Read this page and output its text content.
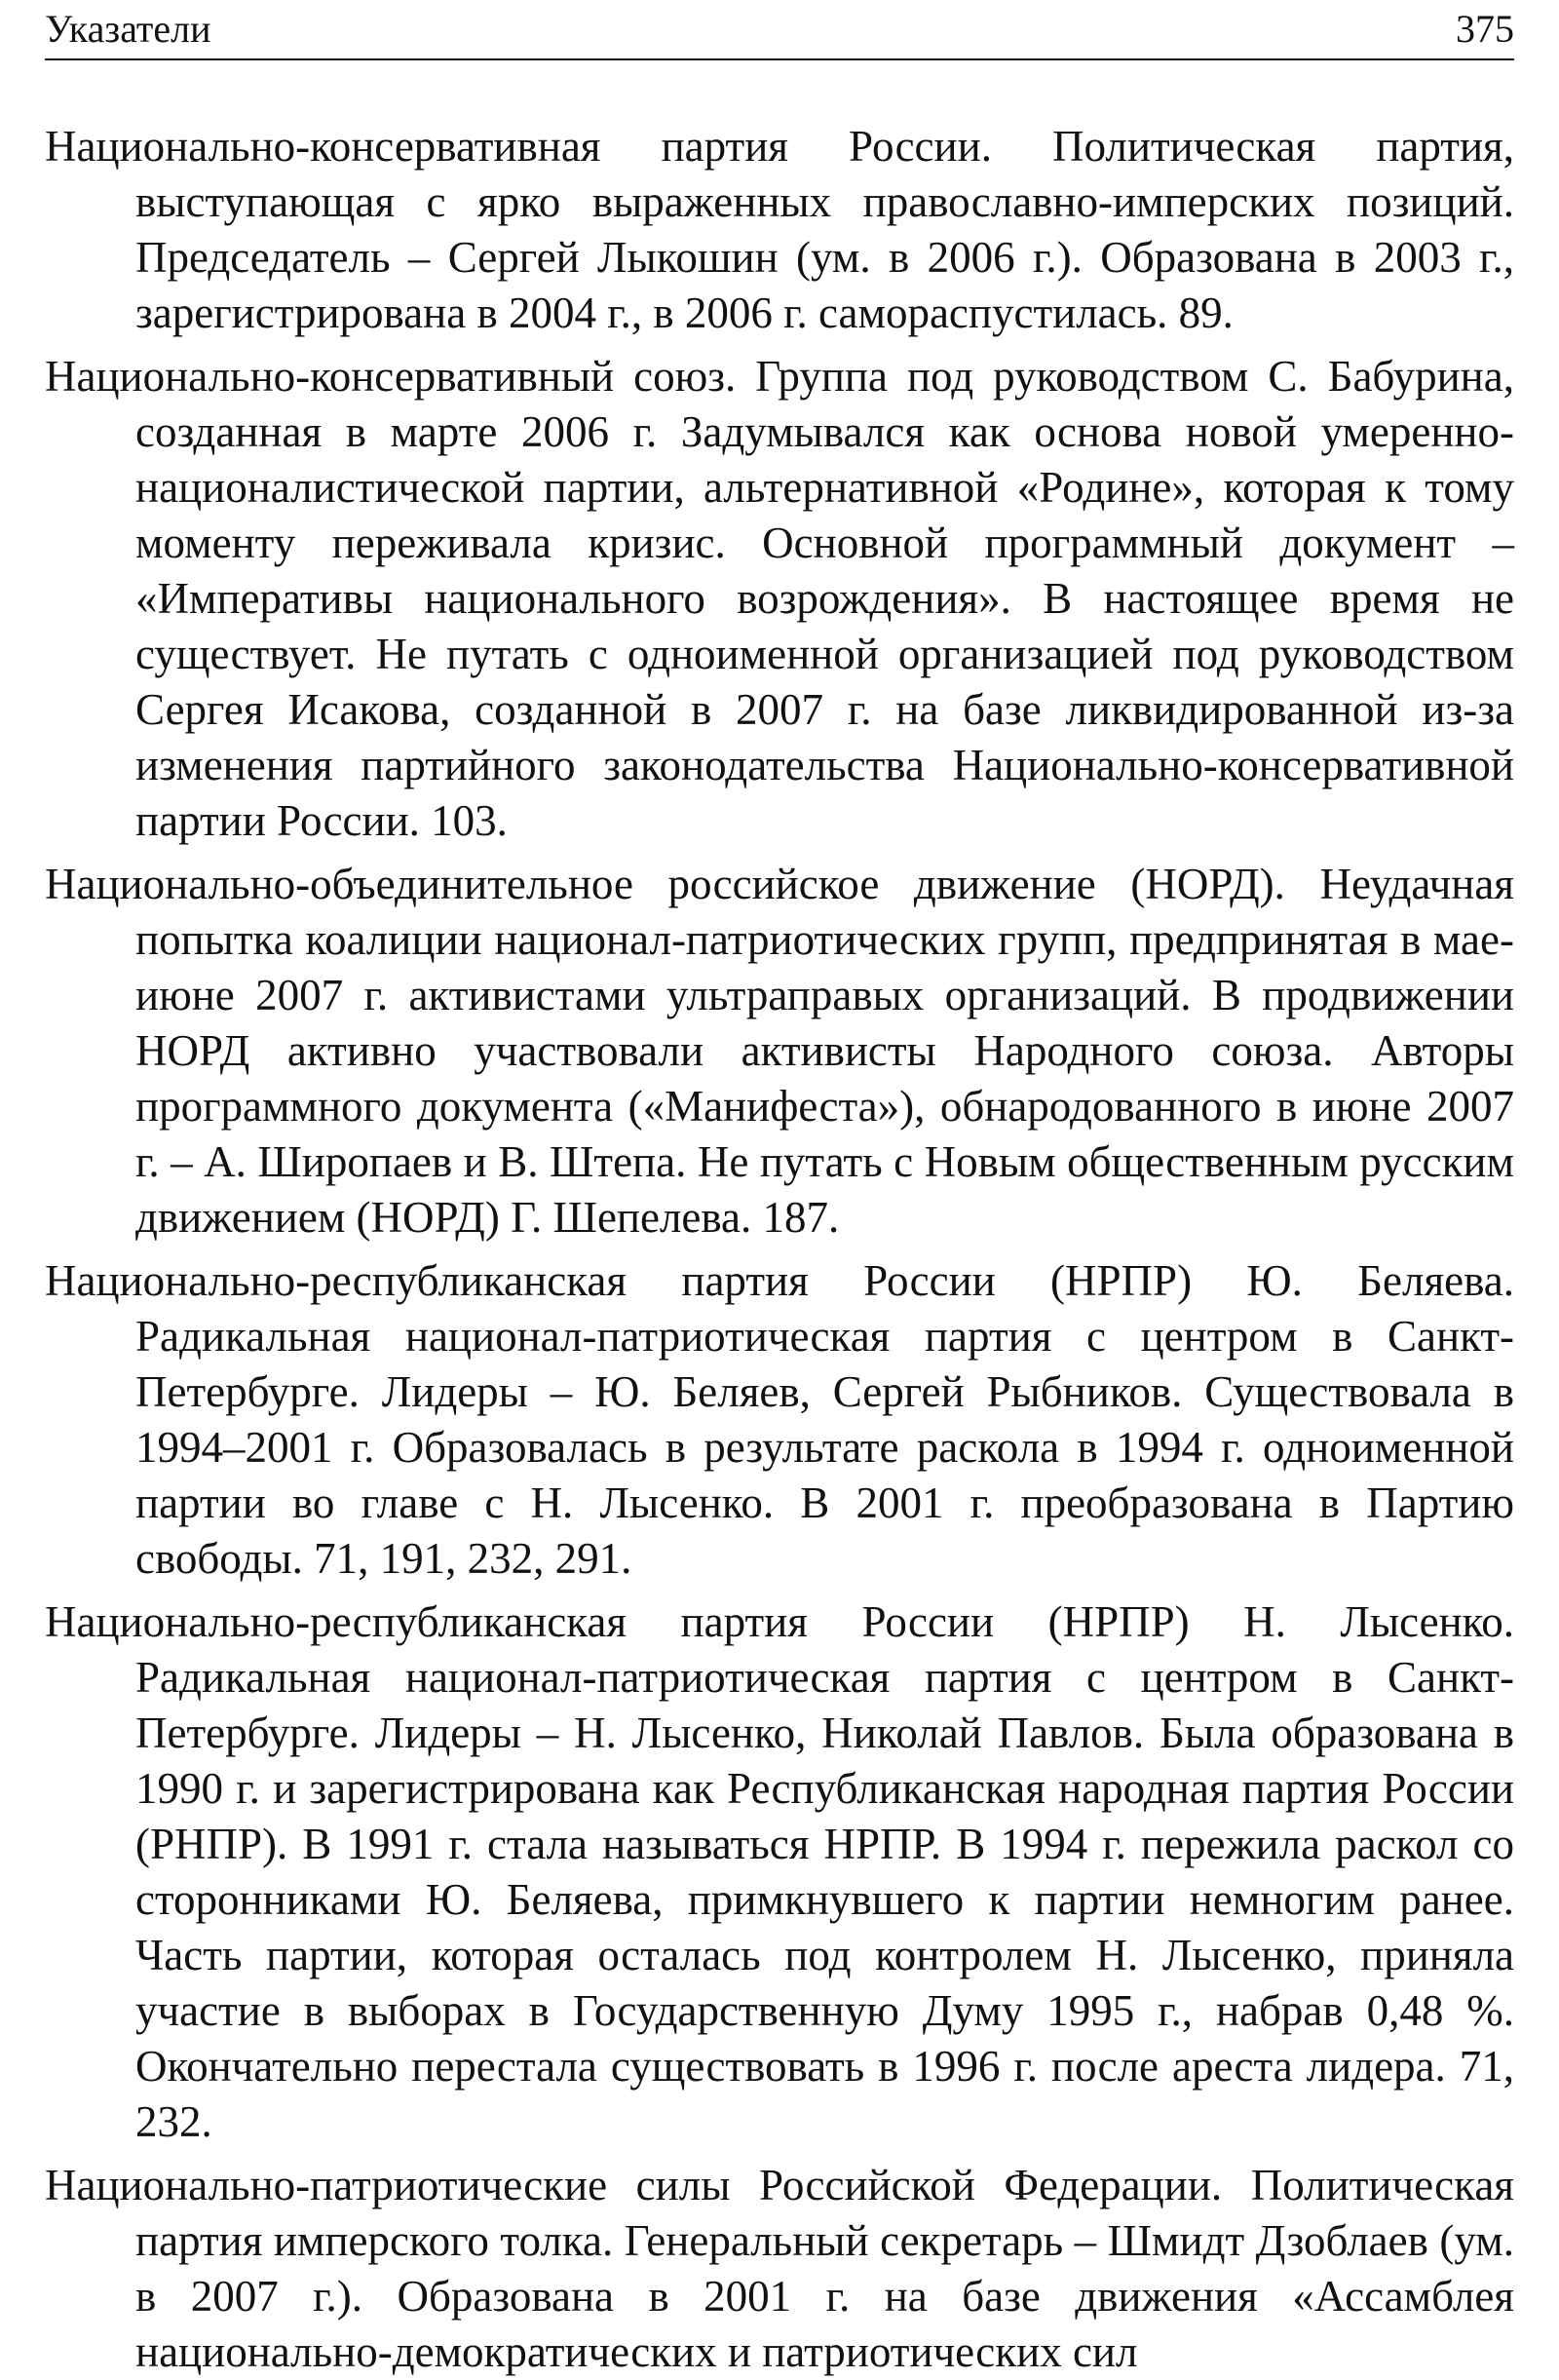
Указатели	375

Национально-консервативная партия России. Политическая партия, выступающая с ярко выраженных православно-имперских позиций. Председатель – Сергей Лыкошин (ум. в 2006 г.). Образована в 2003 г., зарегистрирована в 2004 г., в 2006 г. самораспустилась. 89.

Национально-консервативный союз. Группа под руководством С. Бабурина, созданная в марте 2006 г. Задумывался как основа новой умеренно-националистической партии, альтернативной «Родине», которая к тому моменту переживала кризис. Основной программный документ – «Императивы национального возрождения». В настоящее время не существует. Не путать с одноименной организацией под руководством Сергея Исакова, созданной в 2007 г. на базе ликвидированной из-за изменения партийного законодательства Национально-консервативной партии России. 103.

Национально-объединительное российское движение (НОРД). Неудачная попытка коалиции национал-патриотических групп, предпринятая в мае-июне 2007 г. активистами ультраправых организаций. В продвижении НОРД активно участвовали активисты Народного союза. Авторы программного документа («Манифеста»), обнародованного в июне 2007 г. – А. Широпаев и В. Штепа. Не путать с Новым общественным русским движением (НОРД) Г. Шепелева. 187.

Национально-республиканская партия России (НРПР) Ю. Беляева. Радикальная национал-патриотическая партия с центром в Санкт-Петербурге. Лидеры – Ю. Беляев, Сергей Рыбников. Существовала в 1994–2001 г. Образовалась в результате раскола в 1994 г. одноименной партии во главе с Н. Лысенко. В 2001 г. преобразована в Партию свободы. 71, 191, 232, 291.

Национально-республиканская партия России (НРПР) Н. Лысенко. Радикальная национал-патриотическая партия с центром в Санкт-Петербурге. Лидеры – Н. Лысенко, Николай Павлов. Была образована в 1990 г. и зарегистрирована как Республиканская народная партия России (РНПР). В 1991 г. стала называться НРПР. В 1994 г. пережила раскол со сторонниками Ю. Беляева, примкнувшего к партии немногим ранее. Часть партии, которая осталась под контролем Н. Лысенко, приняла участие в выборах в Государственную Думу 1995 г., набрав 0,48 %. Окончательно перестала существовать в 1996 г. после ареста лидера. 71, 232.

Национально-патриотические силы Российской Федерации. Политическая партия имперского толка. Генеральный секретарь – Шмидт Дзоблаев (ум. в 2007 г.). Образована в 2001 г. на базе движения «Ассамблея национально-демократических и патриотических сил
